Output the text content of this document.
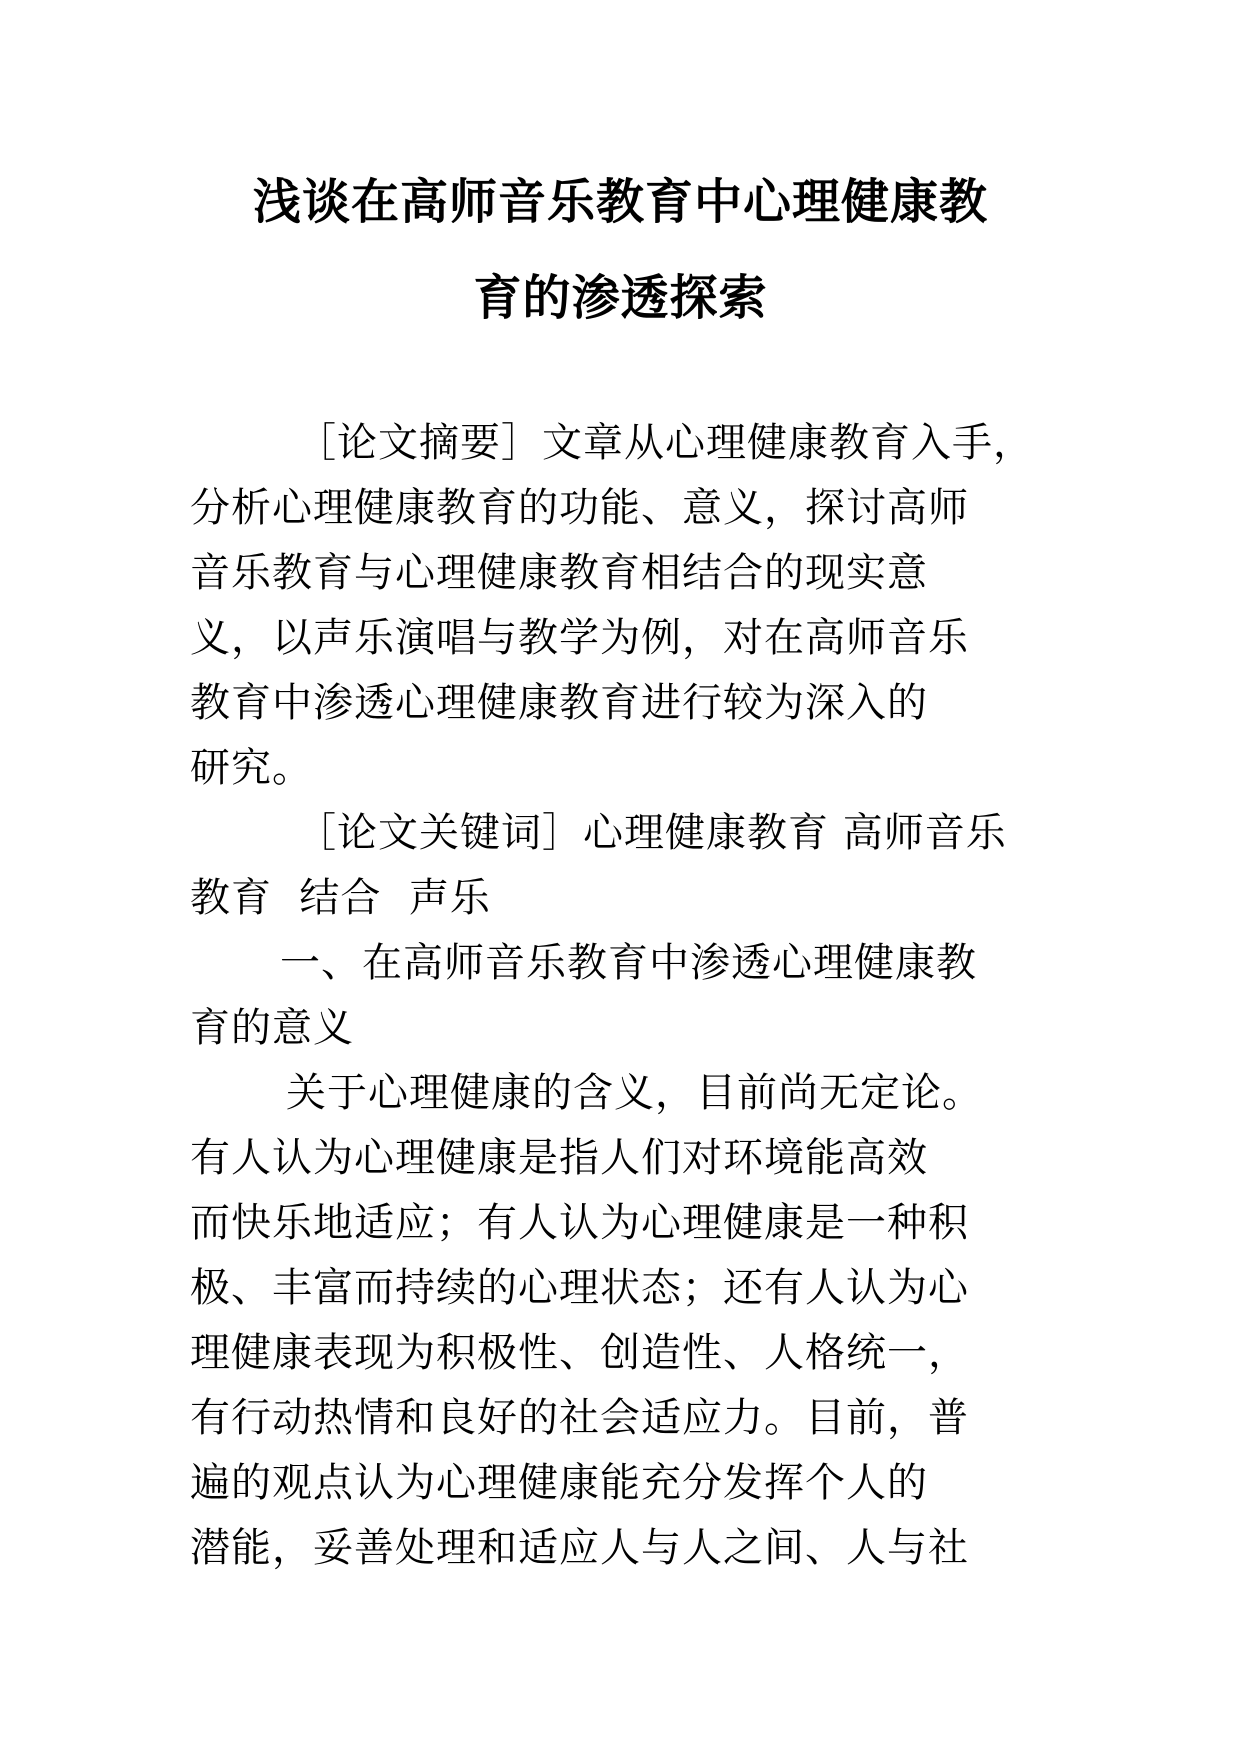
浅谈在高师音乐教育中心理健康教
育的渗透探索
［论文摘要］文章从心理健康教育入手，
分析心理健康教育的功能、意义，探讨高师
音乐教育与心理健康教育相结合的现实意
义，以声乐演唱与教学为例，对在高师音乐
教育中渗透心理健康教育进行较为深入的
研究。
［论文关键词］心理健康教育 高师音乐
教育  结合  声乐
一、在高师音乐教育中渗透心理健康教
育的意义
关于心理健康的含义，目前尚无定论。
有人认为心理健康是指人们对环境能高效
而快乐地适应；有人认为心理健康是一种积
极、丰富而持续的心理状态；还有人认为心
理健康表现为积极性、创造性、人格统一，
有行动热情和良好的社会适应力。目前，普
遍的观点认为心理健康能充分发挥个人的
潜能，妥善处理和适应人与人之间、人与社
